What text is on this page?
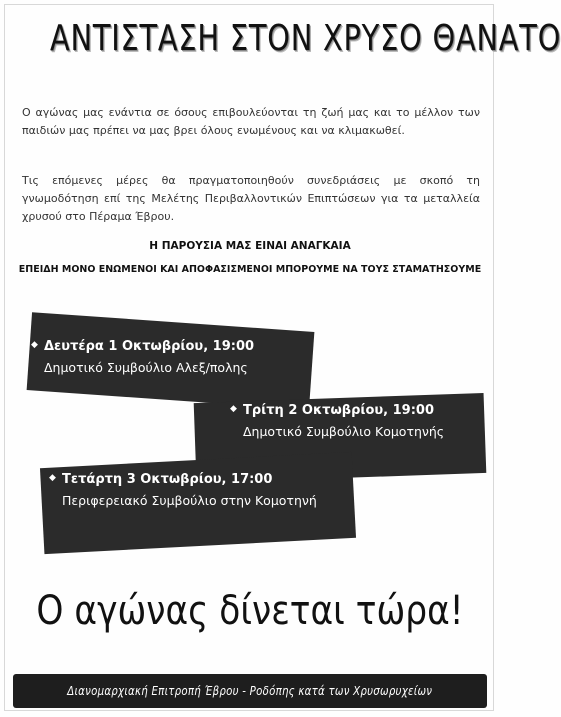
ΑΝΤΙΣΤΑΣΗ ΣΤΟΝ ΧΡΥΣΟ ΘΑΝΑΤΟ
Ο αγώνας μας ενάντια σε όσους επιβουλεύονται τη ζωή μας και το μέλλον των παιδιών μας πρέπει να μας βρει όλους ενωμένους και να κλιμακωθεί.
Τις επόμενες μέρες θα πραγματοποιηθούν συνεδριάσεις με σκοπό τη γνωμοδότηση επί της Μελέτης Περιβαλλοντικών Επιπτώσεων για τα μεταλλεία χρυσού στο Πέραμα Έβρου.
Η ΠΑΡΟΥΣΙΑ ΜΑΣ ΕΙΝΑΙ ΑΝΑΓΚΑΙΑ
ΕΠΕΙΔΗ ΜΟΝΟ ΕΝΩΜΕΝΟΙ ΚΑΙ ΑΠΟΦΑΣΙΣΜΕΝΟΙ ΜΠΟΡΟΥΜΕ ΝΑ ΤΟΥΣ ΣΤΑΜΑΤΗΣΟΥΜΕ
◆ Δευτέρα 1 Οκτωβρίου, 19:00
Δημοτικό Συμβούλιο Αλεξ/πολης
◆ Τρίτη 2 Οκτωβρίου, 19:00
Δημοτικό Συμβούλιο Κομοτηνής
◆ Τετάρτη 3 Οκτωβρίου, 17:00
Περιφερειακό Συμβούλιο στην Κομοτηνή
Ο αγώνας δίνεται τώρα!
Διανομαρχιακή Επιτροπή Έβρου - Ροδόπης κατά των Χρυσωρυχείων
